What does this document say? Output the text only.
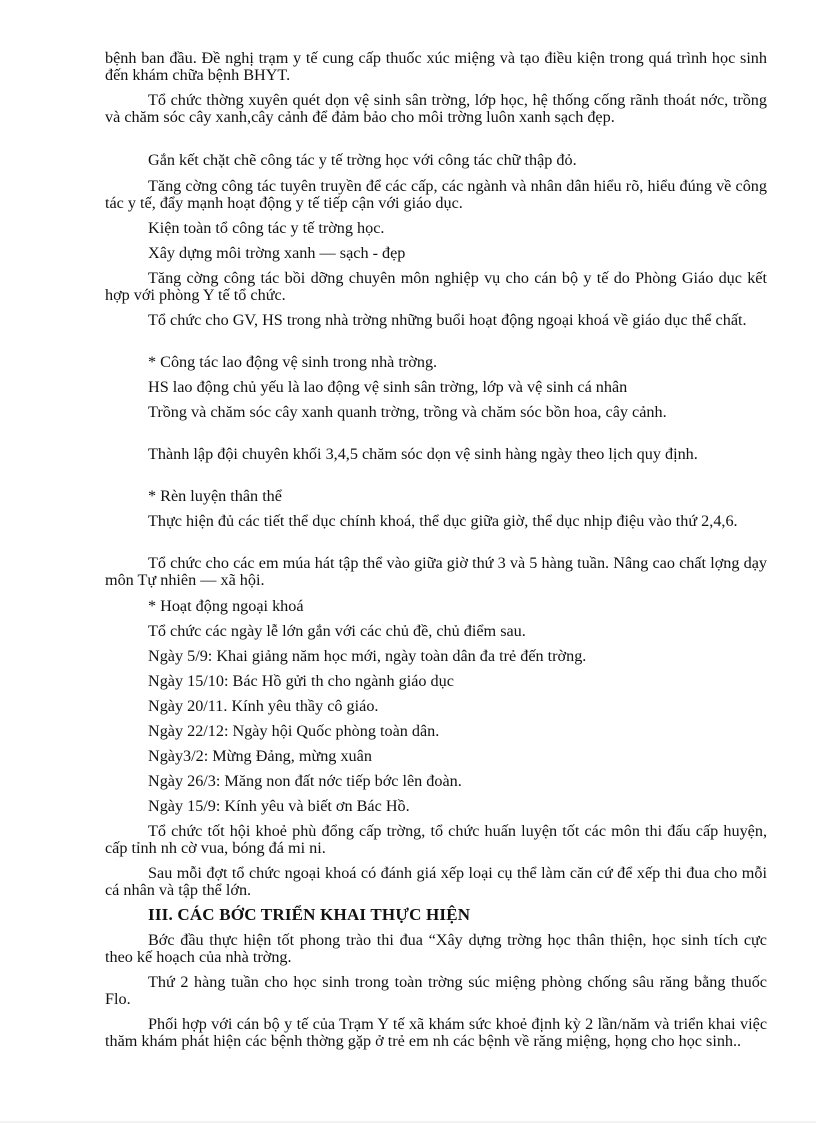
bệnh ban đầu. Đề nghị trạm y tế cung cấp thuốc xúc miệng và tạo điều kiện trong quá trình học sinh đến khám chữa bệnh BHYT.

Tổ chức thờng xuyên quét dọn vệ sinh sân trờng, lớp học, hệ thống cống rãnh thoát nớc, trồng và chăm sóc cây xanh,cây cảnh để đảm bảo cho môi trờng luôn xanh sạch đẹp.

Gắn kết chặt chẽ công tác y tế trờng học với công tác chữ thập đỏ.

Tăng cờng công tác tuyên truyền để các cấp, các ngành và nhân dân hiểu rõ, hiểu đúng về công tác y tế, đẩy mạnh hoạt động y tế tiếp cận với giáo dục.

Kiện toàn tổ công tác y tế trờng học.

Xây dựng môi trờng xanh — sạch - đẹp

Tăng cờng công tác bồi dỡng chuyên môn nghiệp vụ cho cán bộ y tế do Phòng Giáo dục kết hợp với phòng Y tế tổ chức.

Tổ chức cho GV, HS trong nhà trờng những buổi hoạt động ngoại khoá về giáo dục thể chất.

* Công tác lao động vệ sinh trong nhà trờng.

HS lao động chủ yếu là lao động vệ sinh sân trờng, lớp và vệ sinh cá nhân

Trồng và chăm sóc cây xanh quanh trờng, trồng và chăm sóc bồn hoa, cây cảnh.

Thành lập đội chuyên khối 3,4,5 chăm sóc dọn vệ sinh hàng ngày theo lịch quy định.

* Rèn luyện thân thể

Thực hiện đủ các tiết thể dục chính khoá, thể dục giữa giờ, thể dục nhịp điệu vào thứ 2,4,6.

Tổ chức cho các em múa hát tập thể vào giữa giờ thứ 3 và 5 hàng tuần. Nâng cao chất lợng dạy môn Tự nhiên — xã hội.

* Hoạt động ngoại khoá

Tổ chức các ngày lễ lớn gắn với các chủ đề, chủ điểm sau.

Ngày 5/9: Khai giảng năm học mới, ngày toàn dân đa trẻ đến trờng.

Ngày 15/10: Bác Hồ gửi th cho ngành giáo dục

Ngày 20/11. Kính yêu thầy cô giáo.

Ngày 22/12: Ngày hội Quốc phòng toàn dân.

Ngày3/2: Mừng Đảng, mừng xuân

Ngày 26/3: Măng non đất nớc tiếp bớc lên đoàn.

Ngày 15/9: Kính yêu và biết ơn Bác Hồ.

Tổ chức tốt hội khoẻ phù đổng cấp trờng, tổ chức huấn luyện tốt các môn thi đấu cấp huyện, cấp tỉnh nh cờ vua, bóng đá mi ni.

Sau mỗi đợt tổ chức ngoại khoá có đánh giá xếp loại cụ thể làm căn cứ để xếp thi đua cho mỗi cá nhân và tập thể lớn.

III. CÁC BỚC TRIỂN KHAI THỰC HIỆN

Bớc đầu thực hiện tốt phong trào thi đua “Xây dựng trờng học thân thiện, học sinh tích cực theo kế hoạch của nhà trờng.

Thứ 2 hàng tuần cho học sinh trong toàn trờng súc miệng phòng chống sâu răng bằng thuốc Flo.

Phối hợp với cán bộ y tế của Trạm Y tế xã khám sức khoẻ định kỳ 2 lần/năm và triển khai việc thăm khám phát hiện các bệnh thờng gặp ở trẻ em nh các bệnh về răng miệng, họng cho học sinh..
